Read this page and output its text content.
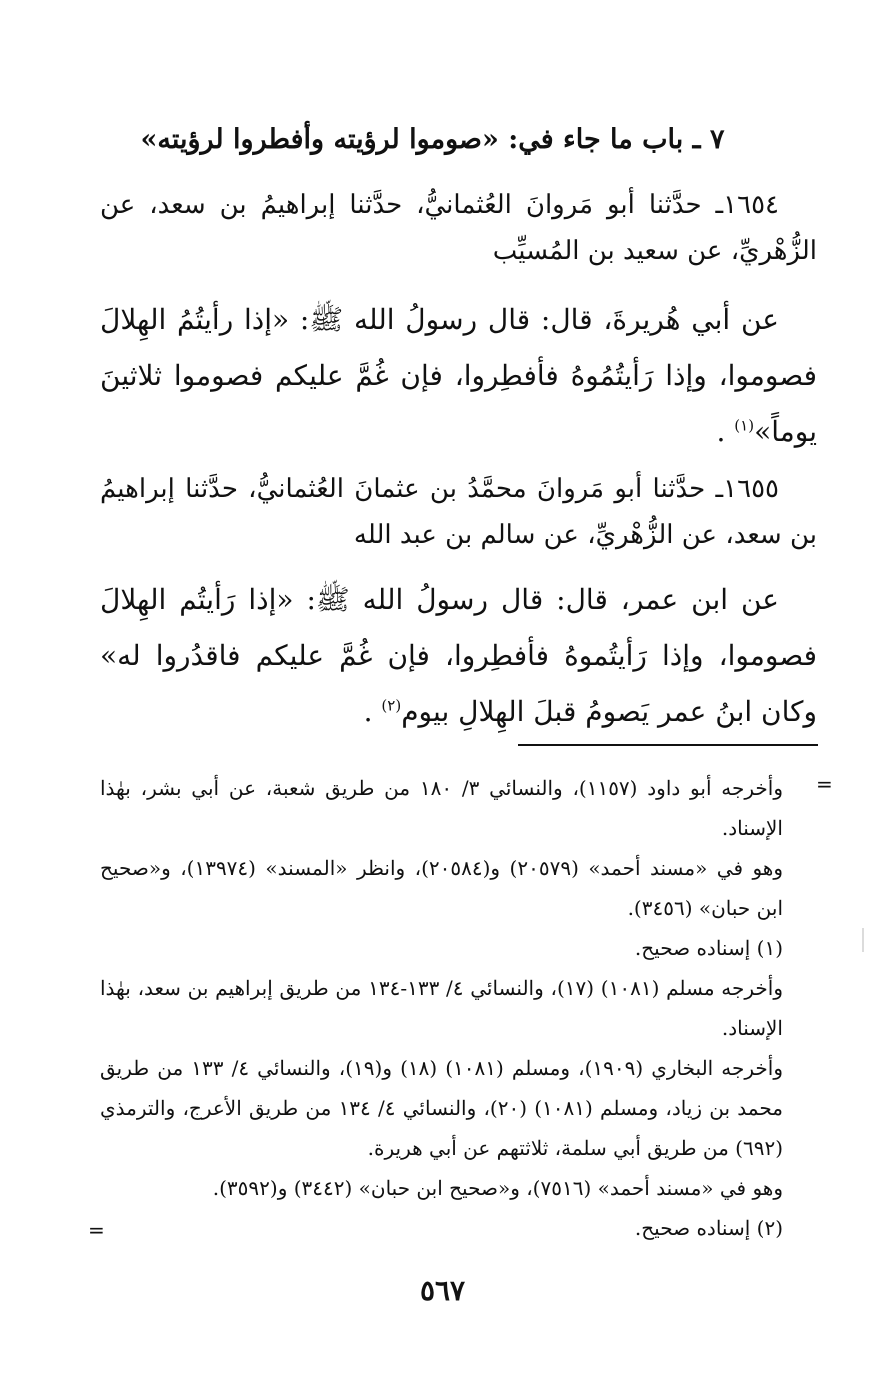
٧ ـ باب ما جاء في: «صوموا لرؤيته وأفطروا لرؤيته»
١٦٥٤ـ حدَّثنا أبو مَروانَ العُثمانيُّ، حدَّثنا إبراهيمُ بن سعد، عن الزُّهْريِّ، عن سعيد بن المُسيِّب
عن أبي هُريرةَ، قال: قال رسولُ الله ﷺ: «إذا رأيتُمُ الهِلالَ فصوموا، وإذا رَأيتُمُوهُ فأفطِروا، فإن غُمَّ عليكم فصوموا ثلاثينَ يوماً»$^{(١)}$ .
١٦٥٥ـ حدَّثنا أبو مَروانَ محمَّدُ بن عثمانَ العُثمانيُّ، حدَّثنا إبراهيمُ بن سعد، عن الزُّهْريِّ، عن سالم بن عبد الله
عن ابن عمر، قال: قال رسولُ الله ﷺ: «إذا رَأيتُم الهِلالَ فصوموا، وإذا رَأيتُموهُ فأفطِروا، فإن غُمَّ عليكم فاقدُروا له» وكان ابنُ عمر يَصومُ قبلَ الهِلالِ بيوم$^{(٢)}$ .
=

وأخرجه أبو داود (١١٥٧)، والنسائي ٣/ ١٨٠ من طريق شعبة، عن أبي بشر، بهٰذا الإسناد.

وهو في «مسند أحمد» (٢٠٥٧٩) و(٢٠٥٨٤)، وانظر «المسند» (١٣٩٧٤)، و«صحيح ابن حبان» (٣٤٥٦).

(١) إسناده صحيح.

وأخرجه مسلم (١٠٨١) (١٧)، والنسائي ٤/ ١٣٣-١٣٤ من طريق إبراهيم بن سعد، بهٰذا الإسناد.

وأخرجه البخاري (١٩٠٩)، ومسلم (١٠٨١) (١٨) و(١٩)، والنسائي ٤/ ١٣٣ من طريق محمد بن زياد، ومسلم (١٠٨١) (٢٠)، والنسائي ٤/ ١٣٤ من طريق الأعرج، والترمذي (٦٩٢) من طريق أبي سلمة، ثلاثتهم عن أبي هريرة.

وهو في «مسند أحمد» (٧٥١٦)، و«صحيح ابن حبان» (٣٤٤٢) و(٣٥٩٢).

(٢) إسناده صحيح.

=
٥٦٧
